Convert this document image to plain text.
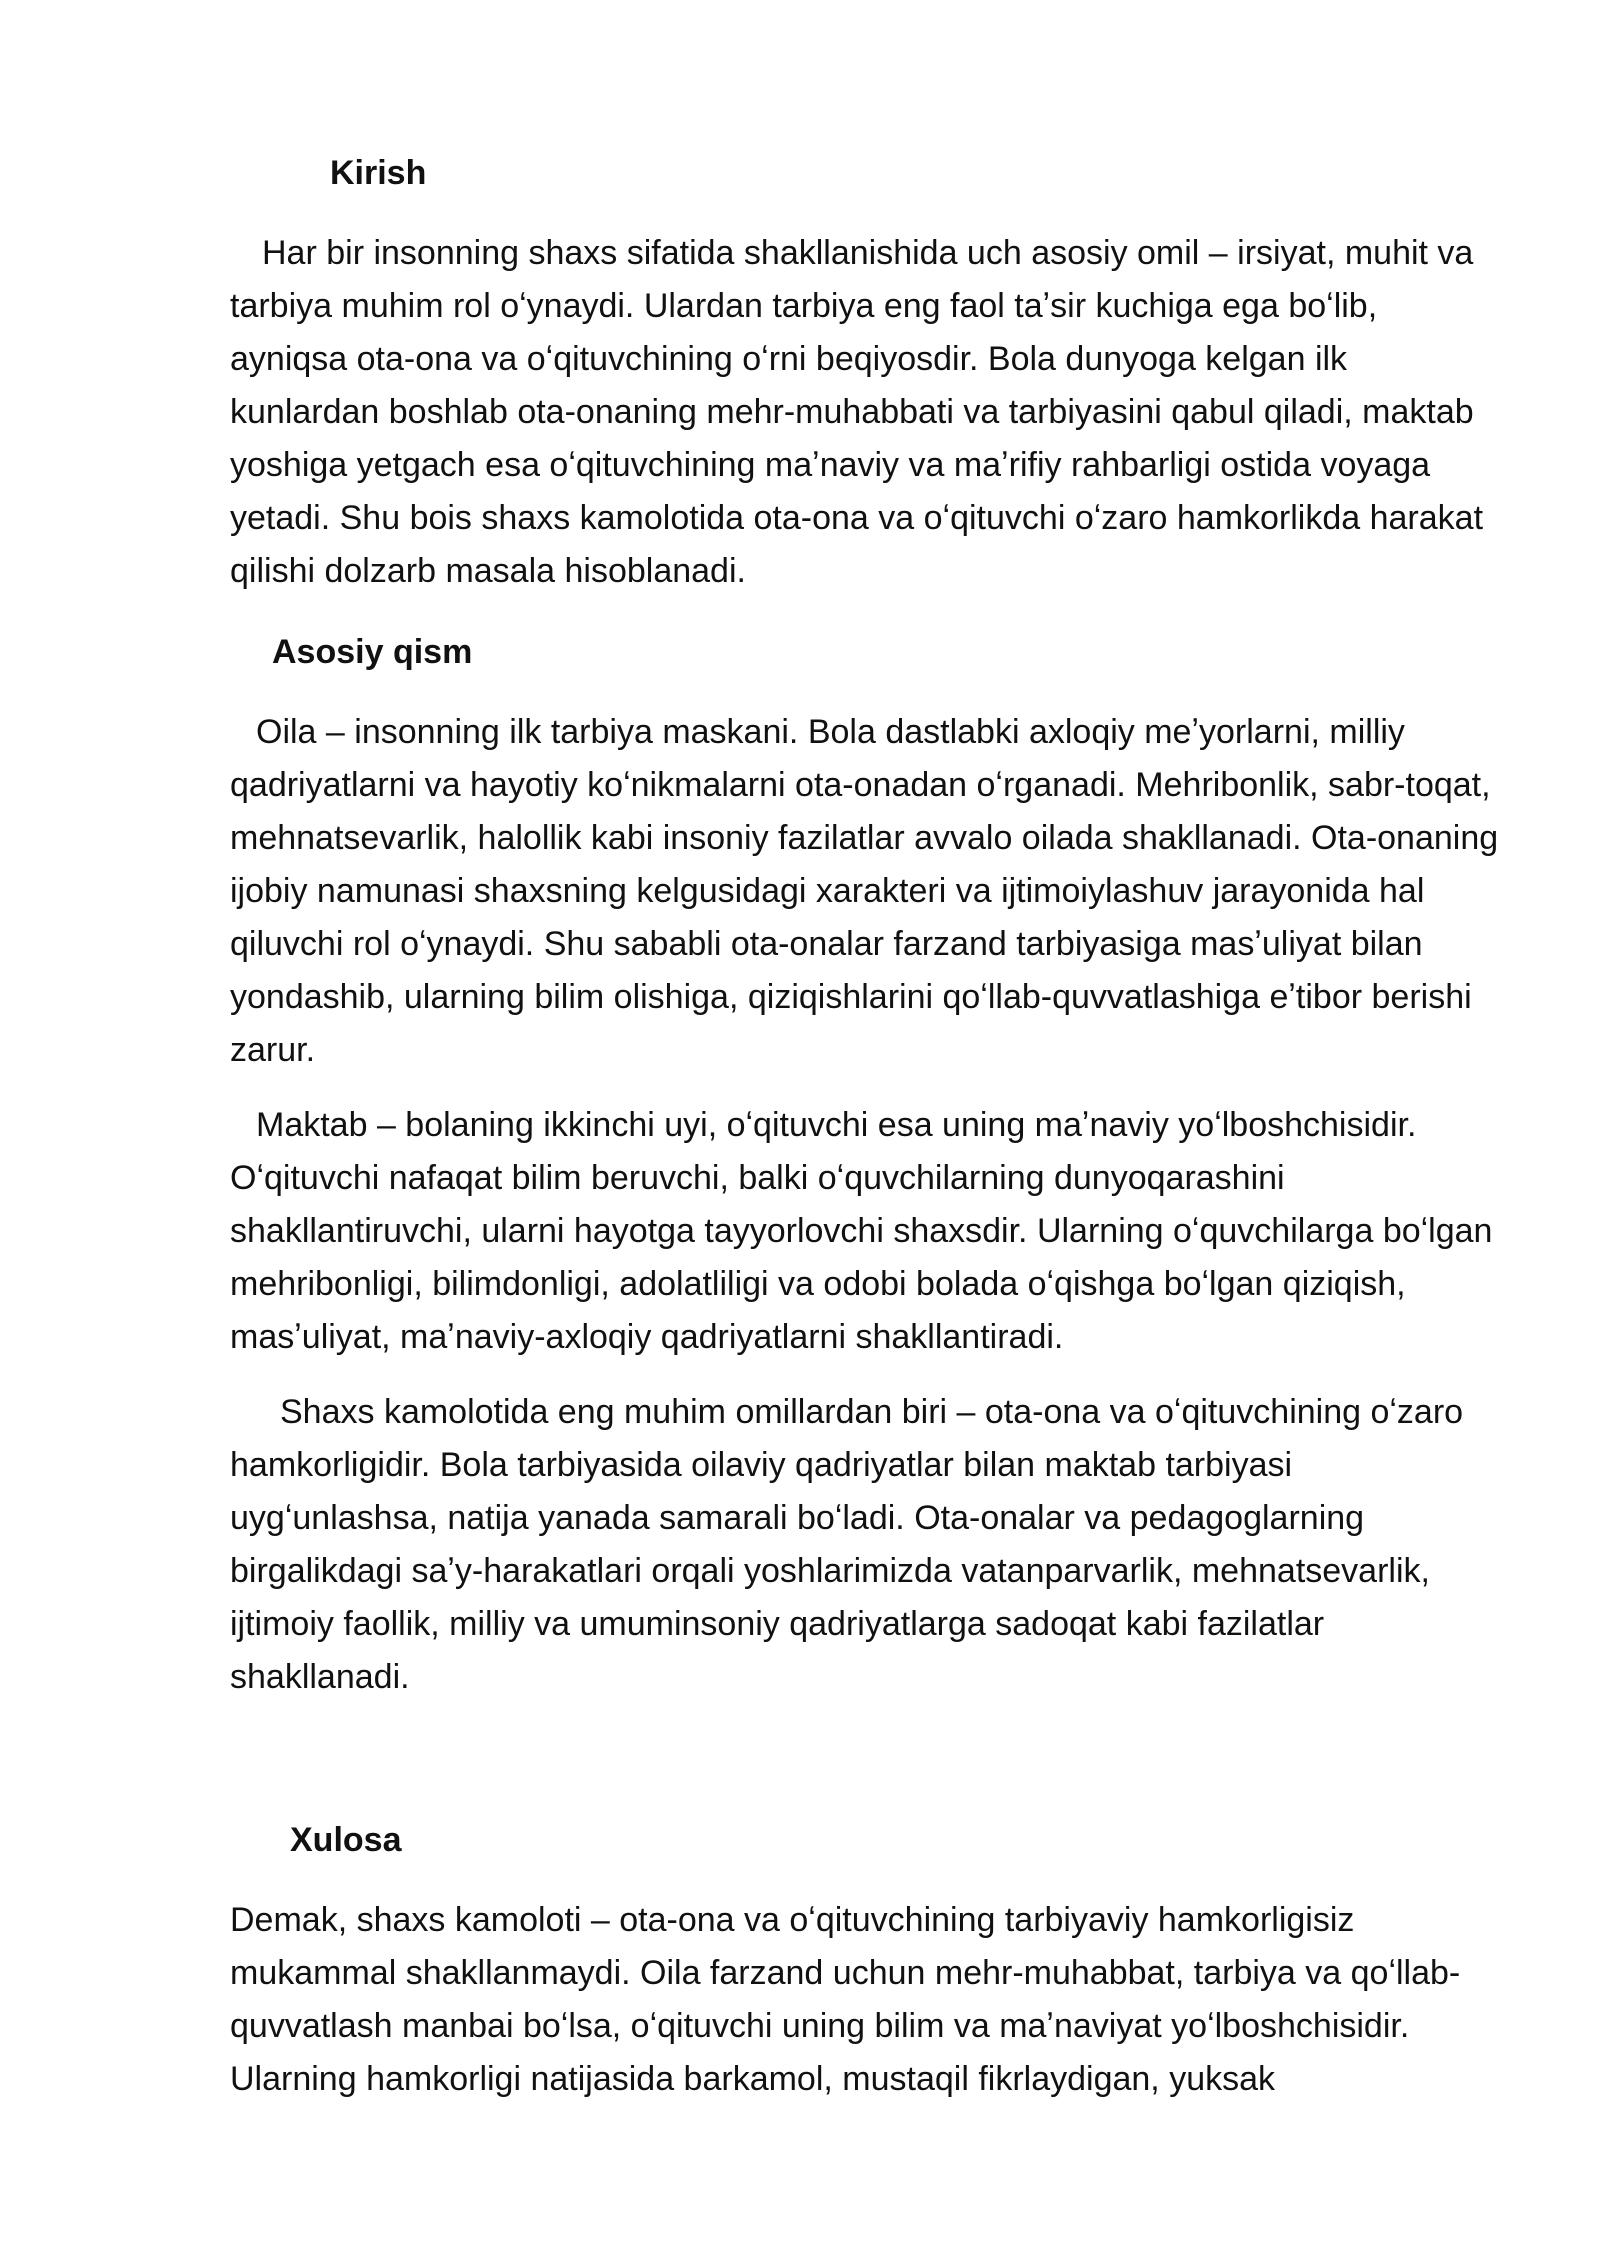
Kirish

Har bir insonning shaxs sifatida shakllanishida uch asosiy omil – irsiyat, muhit va tarbiya muhim rol oʻynaydi. Ulardan tarbiya eng faol taʼsir kuchiga ega boʻlib, ayniqsa ota-ona va oʻqituvchining oʻrni beqiyosdir. Bola dunyoga kelgan ilk kunlardan boshlab ota-onaning mehr-muhabbati va tarbiyasini qabul qiladi, maktab yoshiga yetgach esa oʻqituvchining maʼnaviy va maʼrifiy rahbarligi ostida voyaga yetadi. Shu bois shaxs kamolotida ota-ona va oʻqituvchi oʻzaro hamkorlikda harakat qilishi dolzarb masala hisoblanadi.

Asosiy qism

Oila – insonning ilk tarbiya maskani. Bola dastlabki axloqiy meʼyorlarni, milliy qadriyatlarni va hayotiy koʻnikmalarni ota-onadan oʻrganadi. Mehribonlik, sabr-toqat, mehnatsevarlik, halollik kabi insoniy fazilatlar avvalo oilada shakllanadi. Ota-onaning ijobiy namunasi shaxsning kelgusidagi xarakteri va ijtimoiylashuv jarayonida hal qiluvchi rol oʻynaydi. Shu sababli ota-onalar farzand tarbiyasiga masʼuliyat bilan yondashib, ularning bilim olishiga, qiziqishlarini qoʻllab-quvvatlashiga eʼtibor berishi zarur.

Maktab – bolaning ikkinchi uyi, oʻqituvchi esa uning maʼnaviy yoʻlboshchisidir. Oʻqituvchi nafaqat bilim beruvchi, balki oʻquvchilarning dunyoqarashini shakllantiruvchi, ularni hayotga tayyorlovchi shaxsdir. Ularning oʻquvchilarga boʻlgan mehribonligi, bilimdonligi, adolatliligi va odobi bolada oʻqishga boʻlgan qiziqish, masʼuliyat, maʼnaviy-axloqiy qadriyatlarni shakllantiradi.

Shaxs kamolotida eng muhim omillardan biri – ota-ona va oʻqituvchining oʻzaro hamkorligidir. Bola tarbiyasida oilaviy qadriyatlar bilan maktab tarbiyasi uygʻunlashsa, natija yanada samarali boʻladi. Ota-onalar va pedagoglarning birgalikdagi saʼy-harakatlari orqali yoshlarimizda vatanparvarlik, mehnatsevarlik, ijtimoiy faollik, milliy va umuminsoniy qadriyatlarga sadoqat kabi fazilatlar shakllanadi.

Xulosa

Demak, shaxs kamoloti – ota-ona va oʻqituvchining tarbiyaviy hamkorligisiz mukammal shakllanmaydi. Oila farzand uchun mehr-muhabbat, tarbiya va qoʻllab-quvvatlash manbai boʻlsa, oʻqituvchi uning bilim va maʼnaviyat yoʻlboshchisidir. Ularning hamkorligi natijasida barkamol, mustaqil fikrlaydigan, yuksak
